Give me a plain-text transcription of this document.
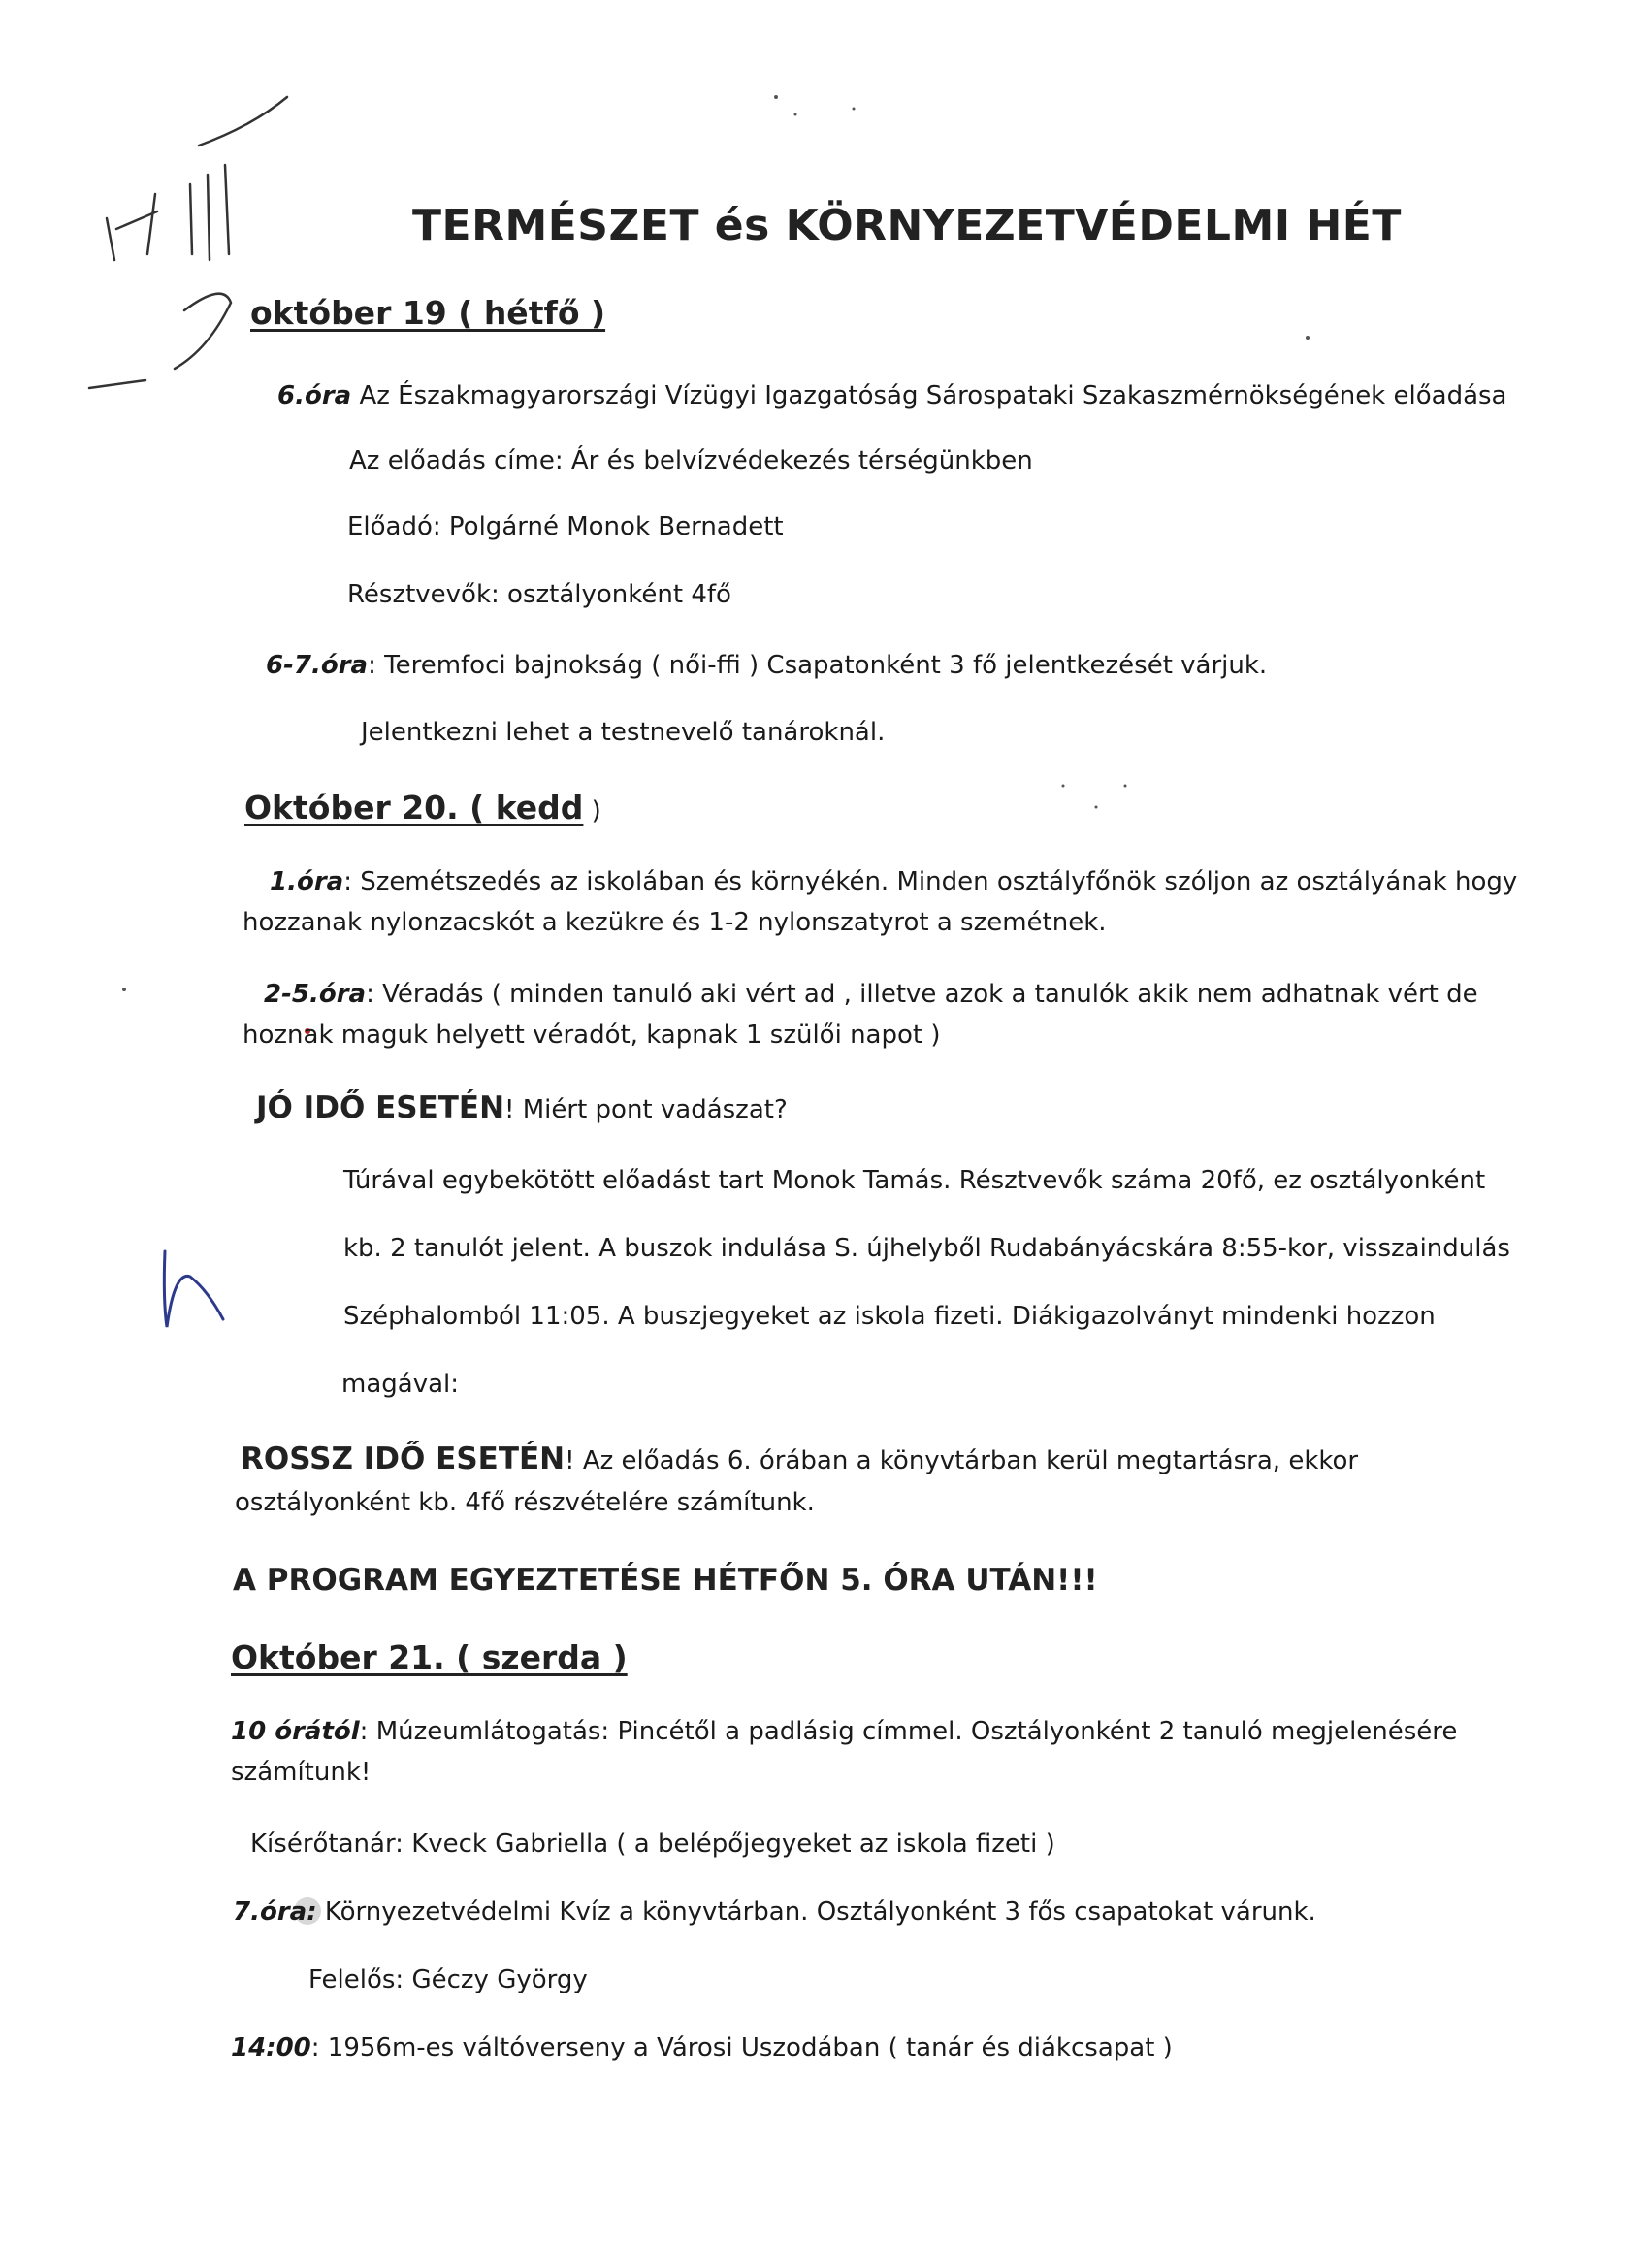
TERMÉSZET és KÖRNYEZETVÉDELMI HÉT
október 19 ( hétfő )
6.óra Az Északmagyarországi Vízügyi Igazgatóság Sárospataki Szakaszmérnökségének előadása
Az előadás címe: Ár és belvízvédekezés térségünkben
Előadó: Polgárné Monok Bernadett
Résztvevők: osztályonként 4fő
6-7.óra: Teremfoci bajnokság ( női-ffi ) Csapatonként 3 fő jelentkezését várjuk.
Jelentkezni lehet a testnevelő tanároknál.
Október 20. ( kedd )
1.óra: Szemétszedés az iskolában és környékén. Minden osztályfőnök szóljon az osztályának hogy
hozzanak nylonzacskót a kezükre és 1-2 nylonszatyrot a szemétnek.
2-5.óra: Véradás ( minden tanuló aki vért ad , illetve azok a tanulók akik nem adhatnak vért de
hoznak maguk helyett véradót, kapnak 1 szülői napot )
JÓ IDŐ ESETÉN! Miért pont vadászat?
Túrával egybekötött előadást tart Monok Tamás. Résztvevők száma 20fő, ez osztályonként
kb. 2 tanulót jelent. A buszok indulása S. újhelyből Rudabányácskára 8:55-kor, visszaindulás
Széphalomból 11:05. A buszjegyeket az iskola fizeti. Diákigazolványt mindenki hozzon
magával:
ROSSZ IDŐ ESETÉN! Az előadás 6. órában a könyvtárban kerül megtartásra, ekkor
osztályonként kb. 4fő részvételére számítunk.
A PROGRAM EGYEZTETÉSE HÉTFŐN 5. ÓRA UTÁN!!!
Október 21. ( szerda )
10 órától: Múzeumlátogatás: Pincétől a padlásig címmel. Osztályonként 2 tanuló megjelenésére
számítunk!
Kísérőtanár: Kveck Gabriella ( a belépőjegyeket az iskola fizeti )
7.óra: Környezetvédelmi Kvíz a könyvtárban. Osztályonként 3 fős csapatokat várunk.
Felelős: Géczy György
14:00: 1956m-es váltóverseny a Városi Uszodában ( tanár és diákcsapat )
